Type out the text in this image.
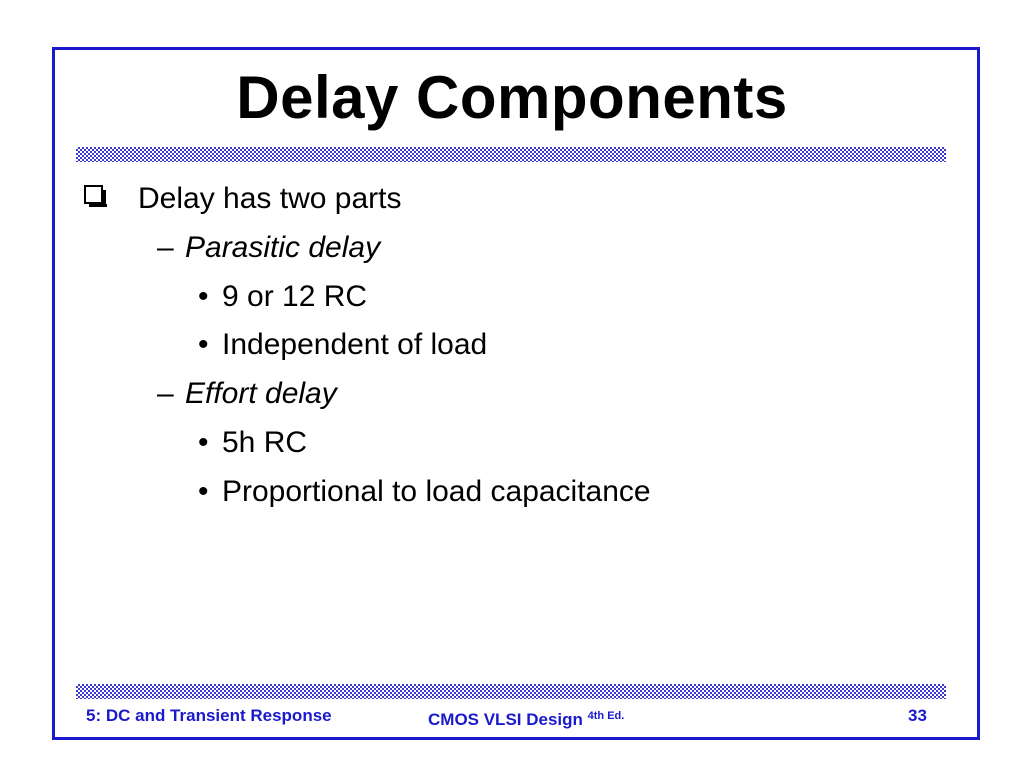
Delay Components
Delay has two parts
– Parasitic delay
• 9 or 12 RC
• Independent of load
– Effort delay
• 5h RC
• Proportional to load capacitance
5: DC and Transient Response	CMOS VLSI Design $^{4th Ed.}$	33
